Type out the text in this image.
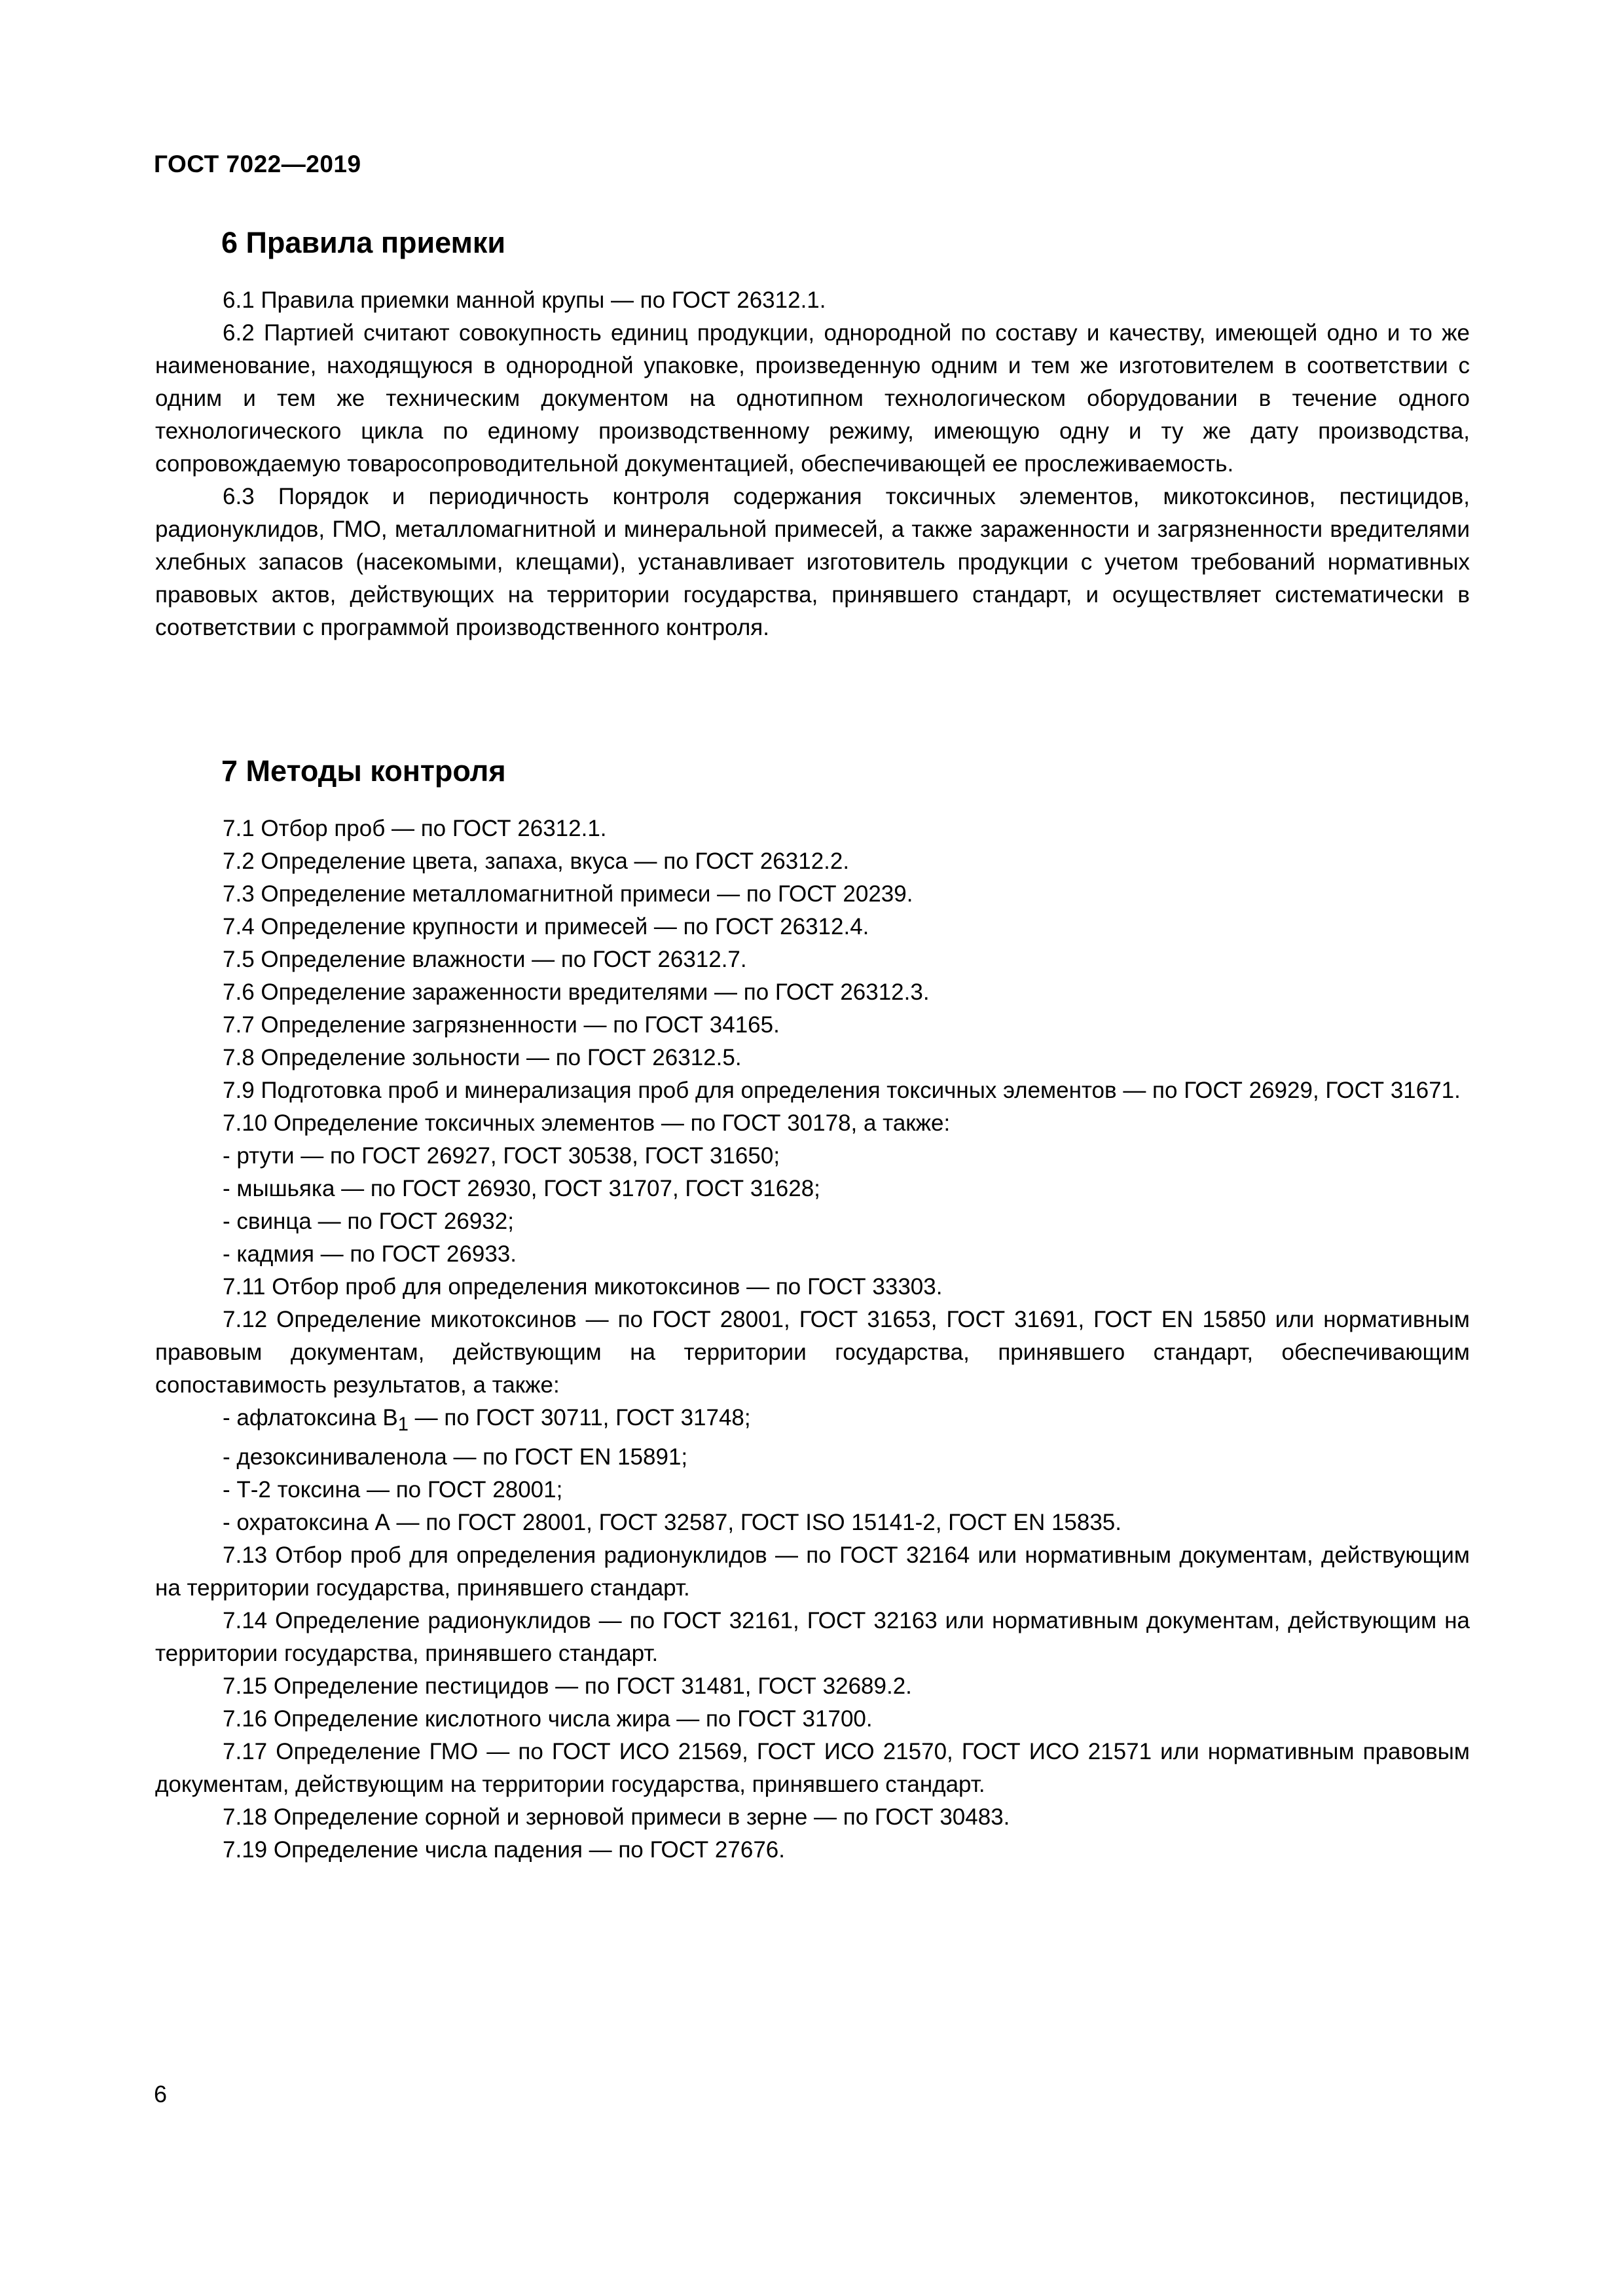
ГОСТ 7022—2019
6 Правила приемки

6.1 Правила приемки манной крупы — по ГОСТ 26312.1.

6.2 Партией считают совокупность единиц продукции, однородной по составу и качеству, имеющей одно и то же наименование, находящуюся в однородной упаковке, произведенную одним и тем же изготовителем в соответствии с одним и тем же техническим документом на однотипном технологическом оборудовании в течение одного технологического цикла по единому производственному режиму, имеющую одну и ту же дату производства, сопровождаемую товаросопроводительной документацией, обеспечивающей ее прослеживаемость.

6.3 Порядок и периодичность контроля содержания токсичных элементов, микотоксинов, пестицидов, радионуклидов, ГМО, металломагнитной и минеральной примесей, а также зараженности и загрязненности вредителями хлебных запасов (насекомыми, клещами), устанавливает изготовитель продукции с учетом требований нормативных правовых актов, действующих на территории государства, принявшего стандарт, и осуществляет систематически в соответствии с программой производственного контроля.

7 Методы контроля

7.1 Отбор проб — по ГОСТ 26312.1.

7.2 Определение цвета, запаха, вкуса — по ГОСТ 26312.2.

7.3 Определение металломагнитной примеси — по ГОСТ 20239.

7.4 Определение крупности и примесей — по ГОСТ 26312.4.

7.5 Определение влажности — по ГОСТ 26312.7.

7.6 Определение зараженности вредителями — по ГОСТ 26312.3.

7.7 Определение загрязненности — по ГОСТ 34165.

7.8 Определение зольности — по ГОСТ 26312.5.

7.9 Подготовка проб и минерализация проб для определения токсичных элементов — по ГОСТ 26929, ГОСТ 31671.

7.10 Определение токсичных элементов — по ГОСТ 30178, а также:

- ртути — по ГОСТ 26927, ГОСТ 30538, ГОСТ 31650;

- мышьяка — по ГОСТ 26930, ГОСТ 31707, ГОСТ 31628;

- свинца — по ГОСТ 26932;

- кадмия — по ГОСТ 26933.

7.11 Отбор проб для определения микотоксинов — по ГОСТ 33303.

7.12 Определение микотоксинов — по ГОСТ 28001, ГОСТ 31653, ГОСТ 31691, ГОСТ EN 15850 или нормативным правовым документам, действующим на территории государства, принявшего стандарт, обеспечивающим сопоставимость результатов, а также:

- афлатоксина $B_1$ — по ГОСТ 30711, ГОСТ 31748;

- дезоксиниваленола — по ГОСТ EN 15891;

- Т-2 токсина — по ГОСТ 28001;

- охратоксина А — по ГОСТ 28001, ГОСТ 32587, ГОСТ ISO 15141-2, ГОСТ EN 15835.

7.13 Отбор проб для определения радионуклидов — по ГОСТ 32164 или нормативным документам, действующим на территории государства, принявшего стандарт.

7.14 Определение радионуклидов — по ГОСТ 32161, ГОСТ 32163 или нормативным документам, действующим на территории государства, принявшего стандарт.

7.15 Определение пестицидов — по ГОСТ 31481, ГОСТ 32689.2.

7.16 Определение кислотного числа жира — по ГОСТ 31700.

7.17 Определение ГМО — по ГОСТ ИСО 21569, ГОСТ ИСО 21570, ГОСТ ИСО 21571 или нормативным правовым документам, действующим на территории государства, принявшего стандарт.

7.18 Определение сорной и зерновой примеси в зерне — по ГОСТ 30483.

7.19 Определение числа падения — по ГОСТ 27676.

6
